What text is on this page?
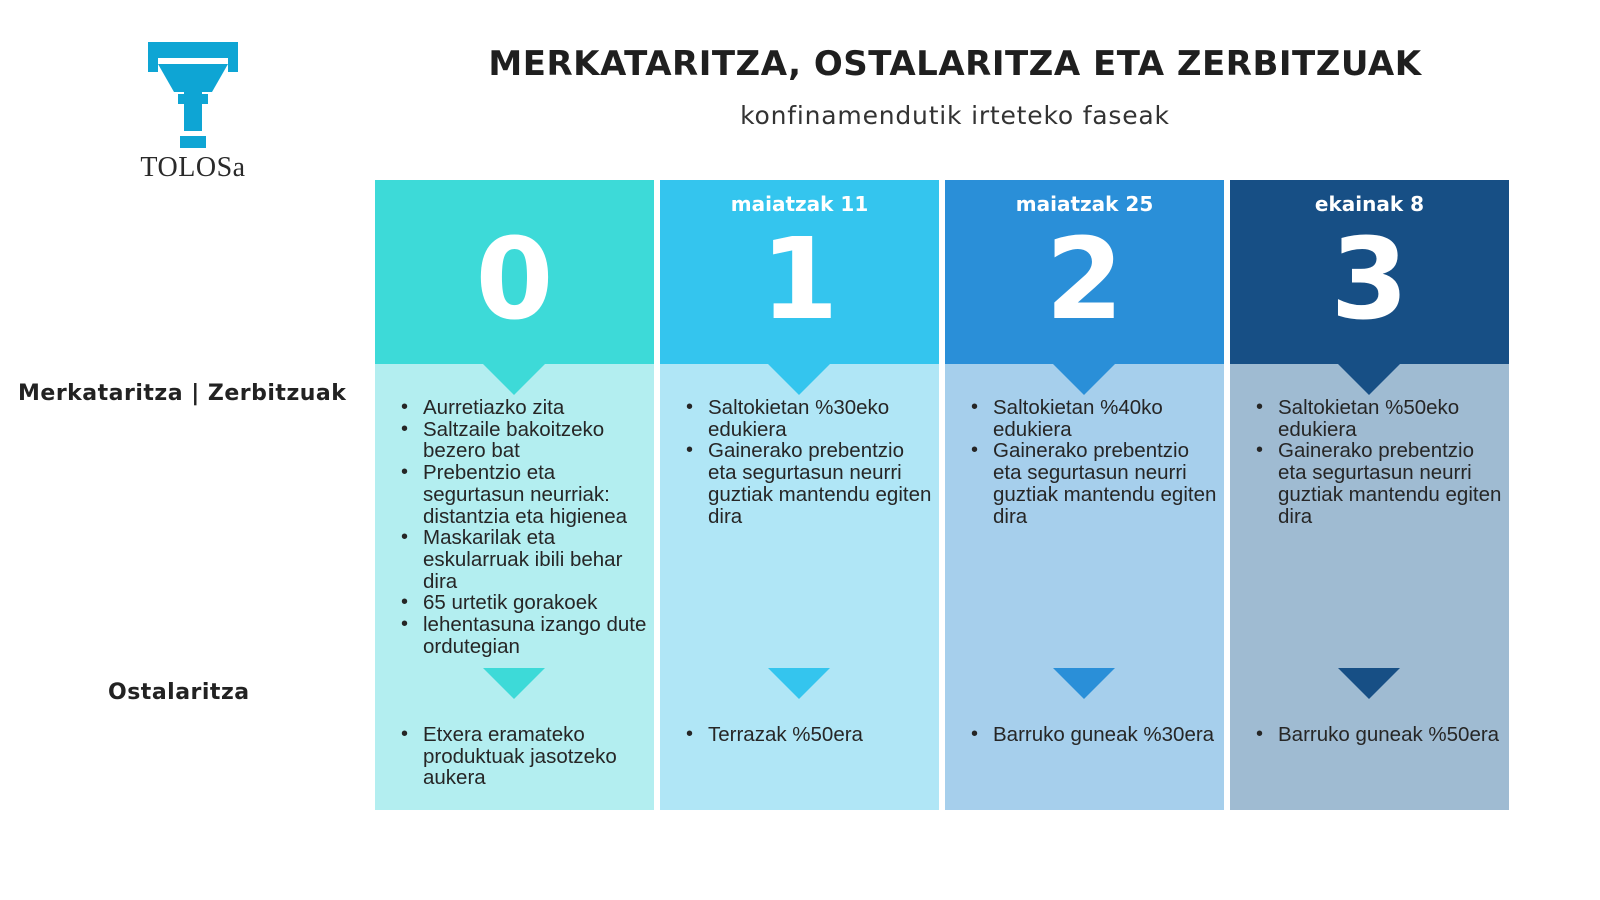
TOLOSa
MERKATARITZA, OSTALARITZA ETA ZERBITZUAK
konfinamendutik irteteko faseak
Merkataritza | Zerbitzuak
Ostalaritza
0
• Aurretiazko zita
• Saltzaile bakoitzeko bezero bat
• Prebentzio eta segurtasun neurriak: distantzia eta higienea
• Maskarilak eta eskularruak ibili behar dira
• 65 urtetik gorakoek
• lehentasuna izango dute ordutegian
• Etxera eramateko produktuak jasotzeko aukera
maiatzak 11
1
• Saltokietan %30eko edukiera
• Gainerako prebentzio eta segurtasun neurri guztiak mantendu egiten dira
• Terrazak %50era
maiatzak 25
2
• Saltokietan %40ko edukiera
• Gainerako prebentzio eta segurtasun neurri guztiak mantendu egiten dira
• Barruko guneak %30era
ekainak 8
3
• Saltokietan %50eko edukiera
• Gainerako prebentzio eta segurtasun neurri guztiak mantendu egiten dira
• Barruko guneak %50era
